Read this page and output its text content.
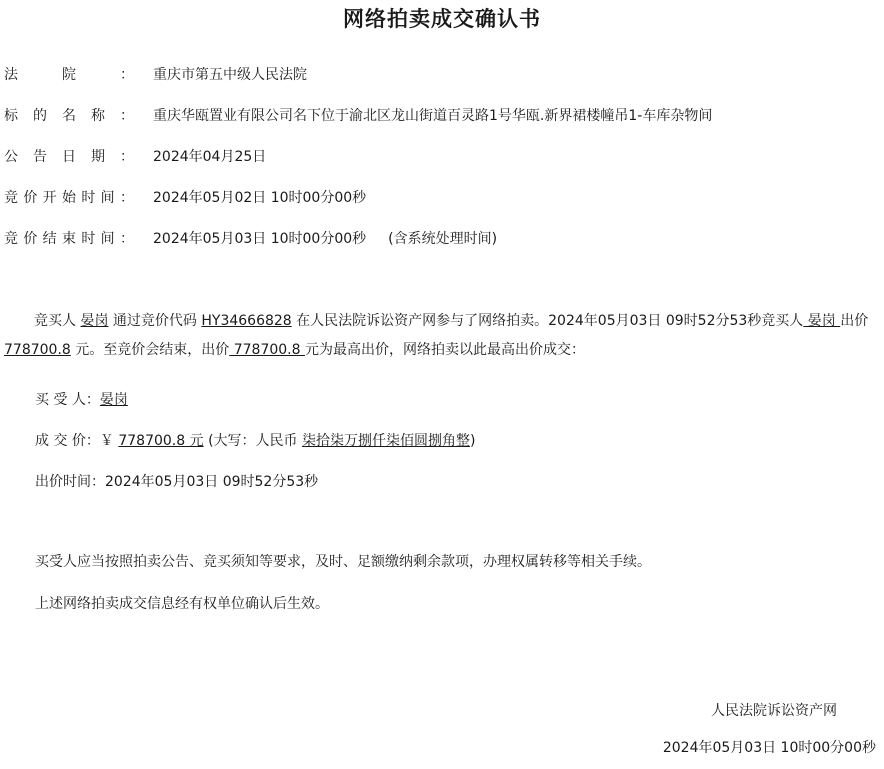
网络拍卖成交确认书
法	院	： 重庆市第五中级人民法院
标 的 名 称 ： 重庆华瓯置业有限公司名下位于渝北区龙山街道百灵路1号华瓯.新界裙楼幢吊1-车库杂物间
公 告 日 期 ： 2024年04月25日
竞 价 开 始 时 间 ： 2024年05月02日 10时00分00秒
竞 价 结 束 时 间 ： 2024年05月03日 10时00分00秒 (含系统处理时间)
竞买人 晏岗 通过竞价代码 HY34666828 在人民法院诉讼资产网参与了网络拍卖。2024年05月03日 09时52分53秒竞买人 晏岗 出价 778700.8 元。至竞价会结束，出价 778700.8 元为最高出价，网络拍卖以此最高出价成交：
买 受 人：晏岗
成 交 价：￥ 778700.8 元 (大写：人民币 柒拾柒万捌仟柒佰圆捌角整)
出价时间：2024年05月03日 09时52分53秒
买受人应当按照拍卖公告、竞买须知等要求，及时、足额缴纳剩余款项，办理权属转移等相关手续。
上述网络拍卖成交信息经有权单位确认后生效。
人民法院诉讼资产网
2024年05月03日 10时00分00秒
